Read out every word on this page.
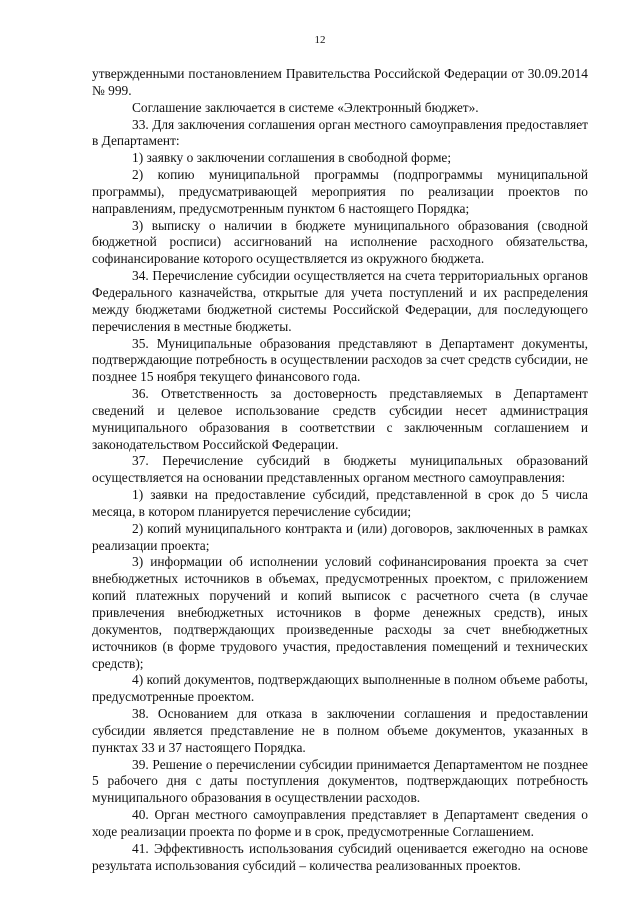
12

утвержденными постановлением Правительства Российской Федерации от 30.09.2014 № 999.

Соглашение заключается в системе «Электронный бюджет».

33. Для заключения соглашения орган местного самоуправления предоставляет в Департамент:

1) заявку о заключении соглашения в свободной форме;

2) копию муниципальной программы (подпрограммы муниципальной программы), предусматривающей мероприятия по реализации проектов по направлениям, предусмотренным пунктом 6 настоящего Порядка;

3) выписку о наличии в бюджете муниципального образования (сводной бюджетной росписи) ассигнований на исполнение расходного обязательства, софинансирование которого осуществляется из окружного бюджета.

34. Перечисление субсидии осуществляется на счета территориальных органов Федерального казначейства, открытые для учета поступлений и их распределения между бюджетами бюджетной системы Российской Федерации, для последующего перечисления в местные бюджеты.

35. Муниципальные образования представляют в Департамент документы, подтверждающие потребность в осуществлении расходов за счет средств субсидии, не позднее 15 ноября текущего финансового года.

36. Ответственность за достоверность представляемых в Департамент сведений и целевое использование средств субсидии несет администрация муниципального образования в соответствии с заключенным соглашением и законодательством Российской Федерации.

37. Перечисление субсидий в бюджеты муниципальных образований осуществляется на основании представленных органом местного самоуправления:

1) заявки на предоставление субсидий, представленной в срок до 5 числа месяца, в котором планируется перечисление субсидии;

2) копий муниципального контракта и (или) договоров, заключенных в рамках реализации проекта;

3) информации об исполнении условий софинансирования проекта за счет внебюджетных источников в объемах, предусмотренных проектом, с приложением копий платежных поручений и копий выписок с расчетного счета (в случае привлечения внебюджетных источников в форме денежных средств), иных документов, подтверждающих произведенные расходы за счет внебюджетных источников (в форме трудового участия, предоставления помещений и технических средств);

4) копий документов, подтверждающих выполненные в полном объеме работы, предусмотренные проектом.

38. Основанием для отказа в заключении соглашения и предоставлении субсидии является представление не в полном объеме документов, указанных в пунктах 33 и 37 настоящего Порядка.

39. Решение о перечислении субсидии принимается Департаментом не позднее 5 рабочего дня с даты поступления документов, подтверждающих потребность муниципального образования в осуществлении расходов.

40. Орган местного самоуправления представляет в Департамент сведения о ходе реализации проекта по форме и в срок, предусмотренные Соглашением.

41. Эффективность использования субсидий оценивается ежегодно на основе результата использования субсидий – количества реализованных проектов.
